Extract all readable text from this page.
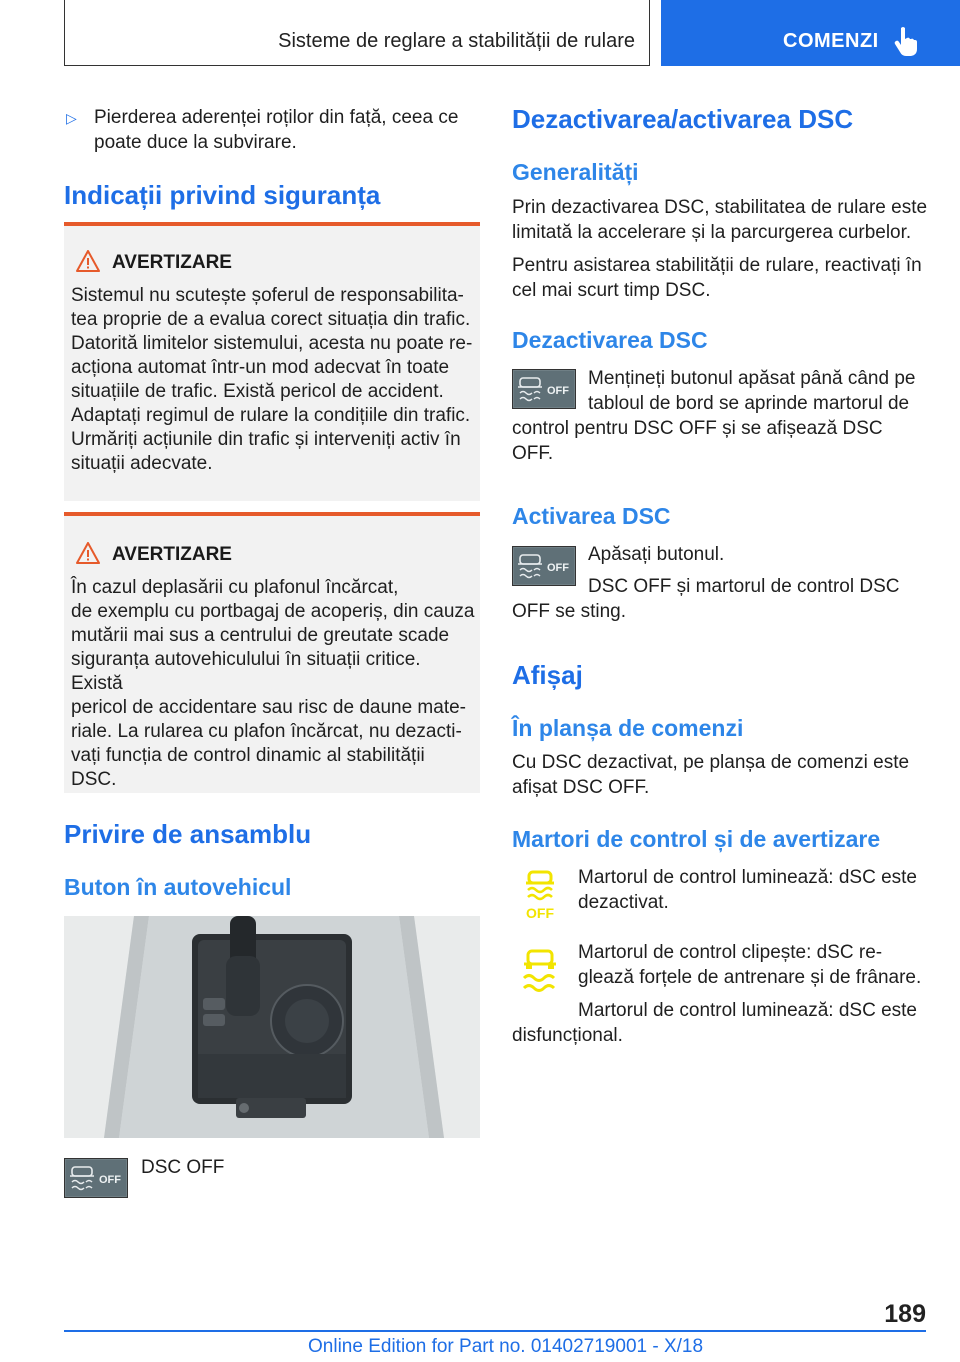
Sisteme de reglare a stabilității de rulare	COMENZI
▷ Pierderea aderenței roților din față, ceea ce poate duce la subvirare.
Indicații privind siguranța
AVERTIZARE
Sistemul nu scutește șoferul de responsabilita-
tea proprie de a evalua corect situația din trafic.
Datorită limitelor sistemului, acesta nu poate re-
acționa automat într-un mod adecvat în toate
situațiile de trafic. Există pericol de accident.
Adaptați regimul de rulare la condițiile din trafic.
Urmăriți acțiunile din trafic și interveniți activ în
situații adecvate.
AVERTIZARE
În cazul deplasării cu plafonul încărcat,
de exemplu cu portbagaj de acoperiș, din cauza
mutării mai sus a centrului de greutate scade
siguranța autovehiculului în situații critice. Există
pericol de accidentare sau risc de daune mate-
riale. La rularea cu plafon încărcat, nu dezacti-
vați funcția de control dinamic al stabilității
DSC.
Privire de ansamblu
Buton în autovehicul
DSC OFF
Dezactivarea/activarea DSC
Generalități
Prin dezactivarea DSC, stabilitatea de rulare este limitată la accelerare și la parcurgerea curbelor.
Pentru asistarea stabilității de rulare, reactivați în cel mai scurt timp DSC.
Dezactivarea DSC
Mențineți butonul apăsat până când pe tabloul de bord se aprinde martorul de
control pentru DSC OFF și se afișează DSC OFF.
Activarea DSC
Apăsați butonul.
DSC OFF și martorul de control DSC
OFF se sting.
Afișaj
În planșa de comenzi
Cu DSC dezactivat, pe planșa de comenzi este afișat DSC OFF.
Martori de control și de avertizare
OFF
Martorul de control luminează: dSC este dezactivat.
Martorul de control clipește: dSC re-glează forțele de antrenare și de frânare.
Martorul de control luminează: dSC este
disfuncțional.
189
Online Edition for Part no. 01402719001 - X/18
